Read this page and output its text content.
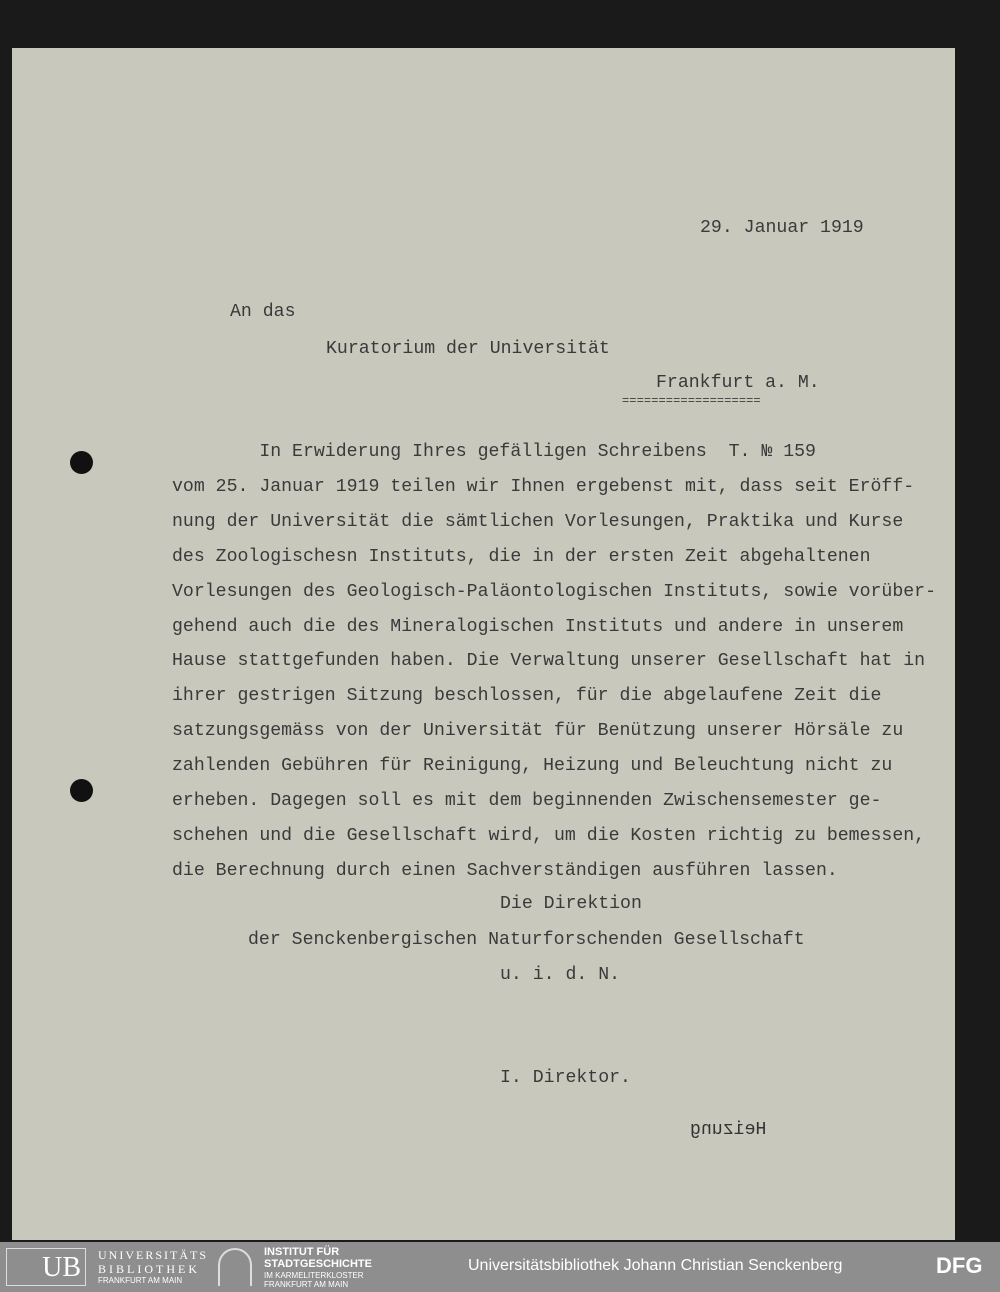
29. Januar 1919
An das
Kuratorium der Universität
Frankfurt a. M.
===================
In Erwiderung Ihres gefälligen Schreibens  T. № 159
vom 25. Januar 1919 teilen wir Ihnen ergebenst mit, dass seit Eröff-
nung der Universität die sämtlichen Vorlesungen, Praktika und Kurse
des Zoologischesn Instituts, die in der ersten Zeit abgehaltenen
Vorlesungen des Geologisch-Paläontologischen Instituts, sowie vorüber-
gehend auch die des Mineralogischen Instituts und andere in unserem
Hause stattgefunden haben. Die Verwaltung unserer Gesellschaft hat in
ihrer gestrigen Sitzung beschlossen, für die abgelaufene Zeit die
satzungsgemäss von der Universität für Benützung unserer Hörsäle zu
zahlenden Gebühren für Reinigung, Heizung und Beleuchtung nicht zu
erheben. Dagegen soll es mit dem beginnenden Zwischensemester ge-
schehen und die Gesellschaft wird, um die Kosten richtig zu bemessen,
die Berechnung durch einen Sachverständigen ausführen lassen.
Die Direktion
der Senckenbergischen Naturforschenden Gesellschaft
u. i. d. N.
I. Direktor.
Heizung
UB	UNIVERSITÄTS
BIBLIOTHEK
FRANKFURT AM MAIN
INSTITUT FÜR
STADTGESCHICHTE
IM KARMELITERKLOSTER
FRANKFURT AM MAIN
Universitätsbibliothek Johann Christian Senckenberg	DFG
